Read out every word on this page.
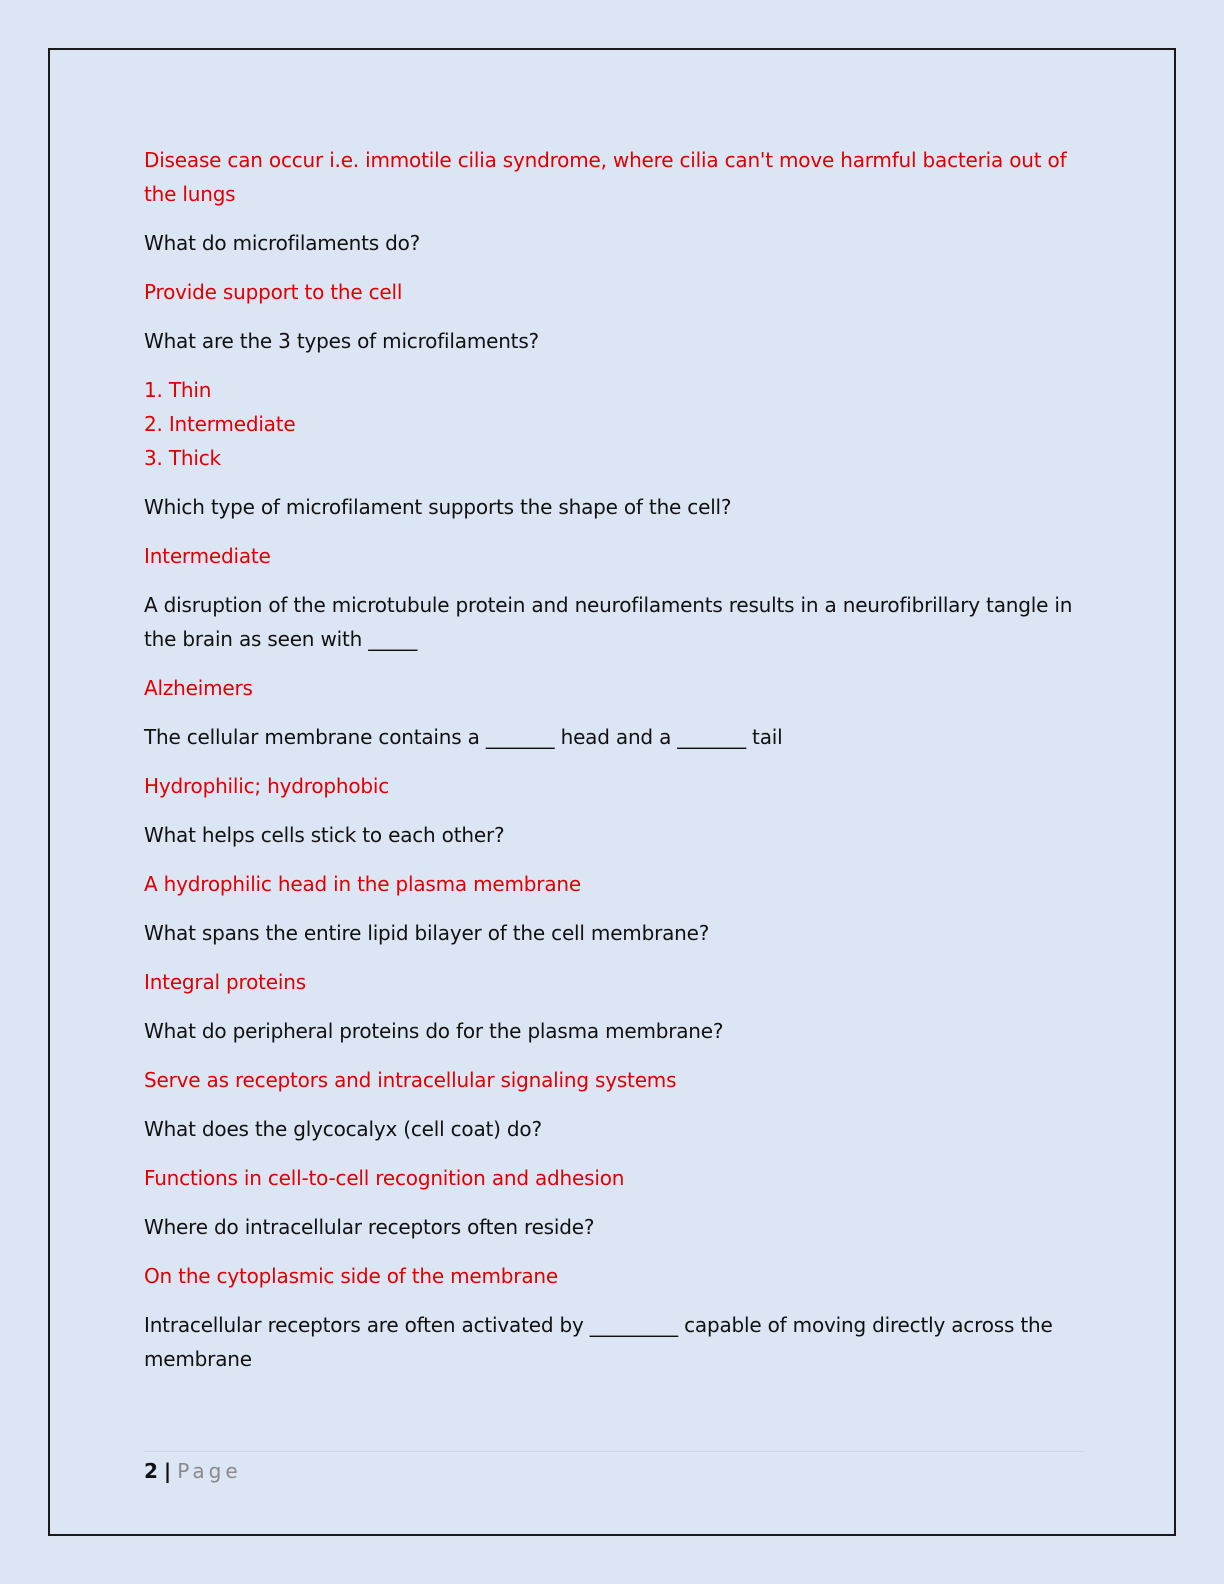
Disease can occur i.e. immotile cilia syndrome, where cilia can't move harmful bacteria out of the lungs

What do microfilaments do?

Provide support to the cell

What are the 3 types of microfilaments?

1. Thin
2. Intermediate
3. Thick

Which type of microfilament supports the shape of the cell?

Intermediate

A disruption of the microtubule protein and neurofilaments results in a neurofibrillary tangle in the brain as seen with _____

Alzheimers

The cellular membrane contains a _______ head and a _______ tail

Hydrophilic; hydrophobic

What helps cells stick to each other?

A hydrophilic head in the plasma membrane

What spans the entire lipid bilayer of the cell membrane?

Integral proteins

What do peripheral proteins do for the plasma membrane?

Serve as receptors and intracellular signaling systems

What does the glycocalyx (cell coat) do?

Functions in cell-to-cell recognition and adhesion

Where do intracellular receptors often reside?

On the cytoplasmic side of the membrane

Intracellular receptors are often activated by _________ capable of moving directly across the membrane

2 | Page
